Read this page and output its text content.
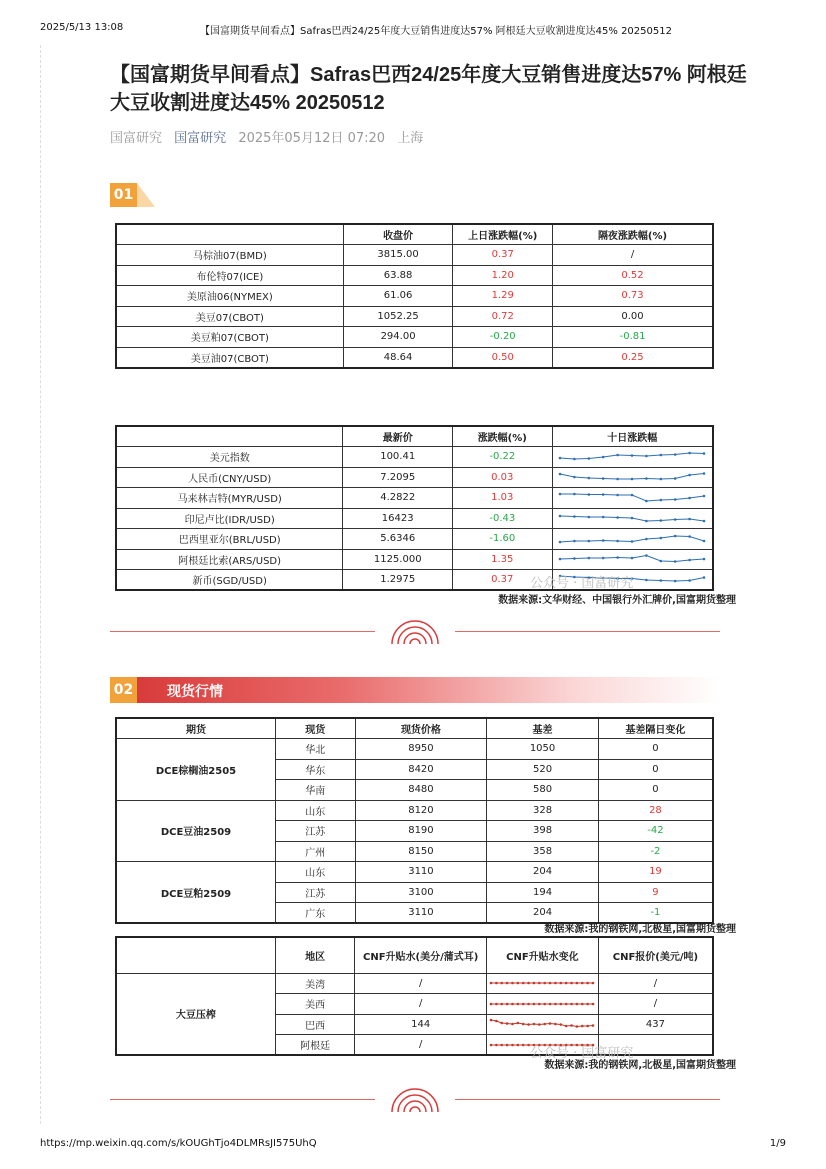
2025/5/13 13:08	【国富期货早间看点】Safras巴西24/25年度大豆销售进度达57% 阿根廷大豆收割进度达45% 20250512
【国富期货早间看点】Safras巴西24/25年度大豆销售进度达57% 阿根廷大豆收割进度达45% 20250512
国富研究 国富研究 2025年05月12日 07:20 上海
01
	收盘价	上日涨跌幅(%)	隔夜涨跌幅(%)
马棕油07(BMD)	3815.00	0.37	/
布伦特07(ICE)	63.88	1.20	0.52
美原油06(NYMEX)	61.06	1.29	0.73
美豆07(CBOT)	1052.25	0.72	0.00
美豆粕07(CBOT)	294.00	-0.20	-0.81
美豆油07(CBOT)	48.64	0.50	0.25
	最新价	涨跌幅(%)	十日涨跌幅
美元指数	100.41	-0.22	

人民币(CNY/USD)	7.2095	0.03	

马来林吉特(MYR/USD)	4.2822	1.03	

印尼卢比(IDR/USD)	16423	-0.43	

巴西里亚尔(BRL/USD)	5.6346	-1.60	

阿根廷比索(ARS/USD)	1125.000	1.35	

新币(SGD/USD)	1.2975	0.37	公众号 · 国富研究
数据来源:文华财经、中国银行外汇牌价,国富期货整理
02 现货行情
期货	现货	现货价格	基差	基差隔日变化
DCE棕榈油2505	华北	8950	1050	0
	华东	8420	520	0
	华南	8480	580	0
DCE豆油2509	山东	8120	328	28
	江苏	8190	398	-42
	广州	8150	358	-2
DCE豆粕2509	山东	3110	204	19
	江苏	3100	194	9
	广东	3110	204	-1
数据来源:我的钢铁网,北极星,国富期货整理
	地区	CNF升贴水(美分/蒲式耳)	CNF升贴水变化	CNF报价(美元/吨)
大豆压榨	美湾	/		/
	美西	/		/
	巴西	144		437
	阿根廷	/	

公众号 · 国富研究
数据来源:我的钢铁网,北极星,国富期货整理
https://mp.weixin.qq.com/s/kOUGhTjo4DLMRsJI575UhQ	1/9
